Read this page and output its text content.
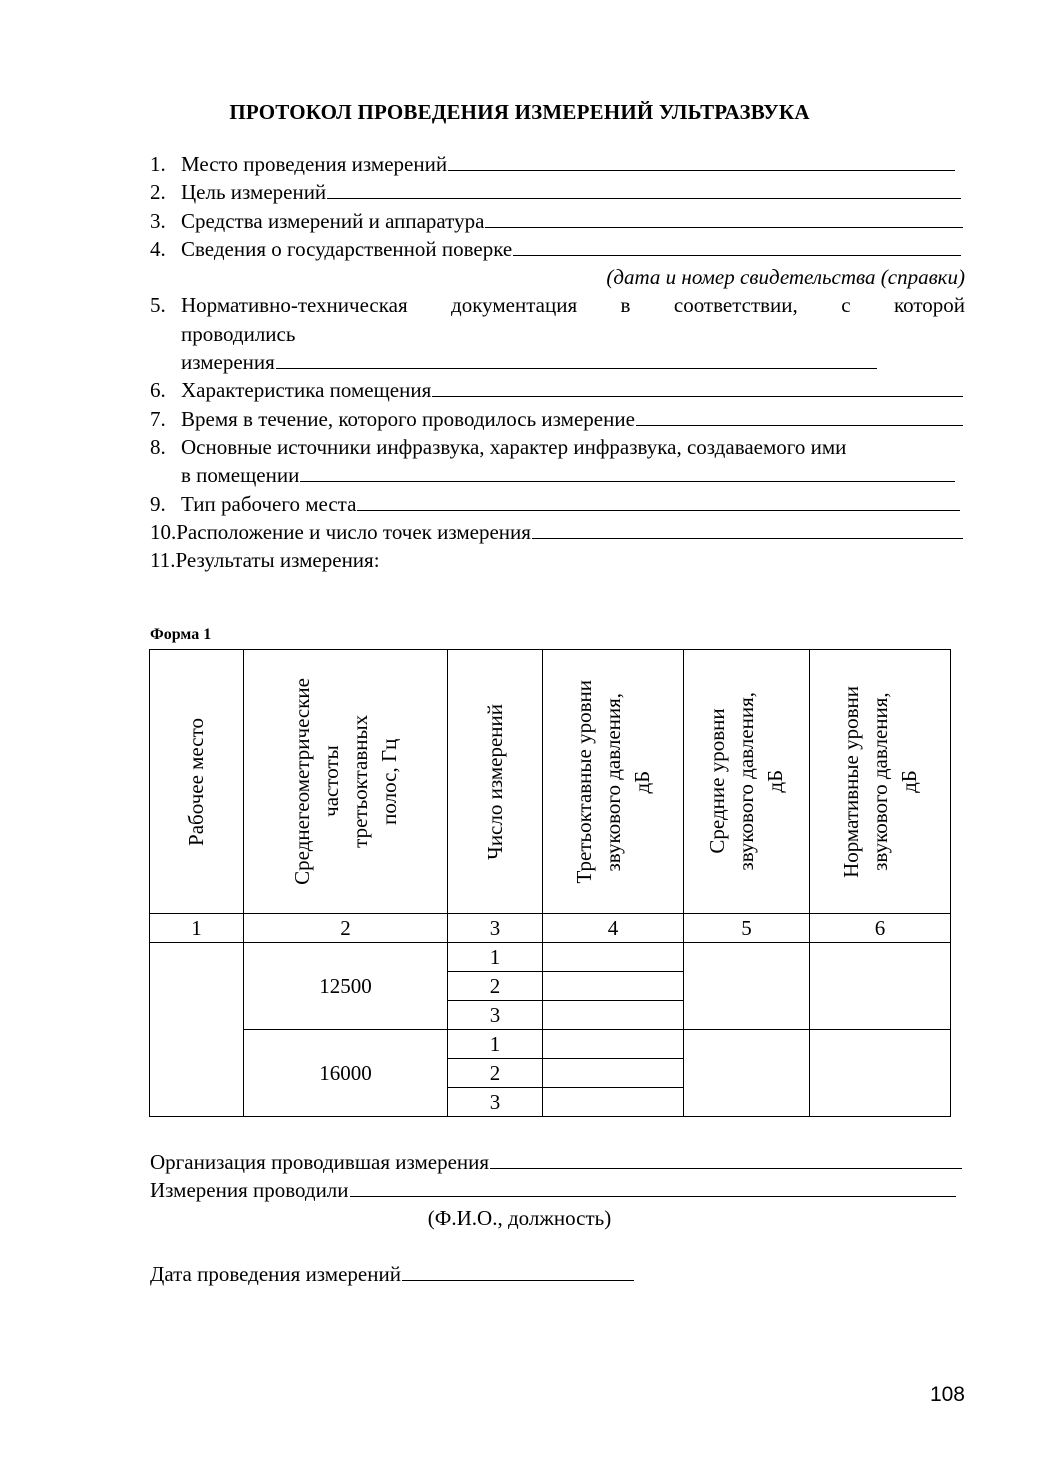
ПРОТОКОЛ ПРОВЕДЕНИЯ ИЗМЕРЕНИЙ УЛЬТРАЗВУКА
1. Место проведения измерений
2. Цель измерений
3. Средства измерений и аппаратура
4. Сведения о государственной поверке
(дата и номер свидетельства (справки)
5. Нормативно-техническая документация в соответствии, с которой
проводились
измерения
6. Характеристика помещения
7. Время в течение, которого проводилось измерение
8. Основные источники инфразвука, характер инфразвука, создаваемого ими
в помещении
9. Тип рабочего места
10. Расположение и число точек измерения
11. Результаты измерения:
Форма 1
Рабочее место	Среднегеометрические частоты третьоктавных полос, Гц	Число измерений	Третьоктавные уровни звукового давления, дБ	Средние уровни звукового давления, дБ	Нормативные уровни звукового давления, дБ

1	2	3	4	5	6
	12500	1			
		2			
		3			
	16000	1			
		2			
		3			
Организация проводившая измерения
Измерения проводили
(Ф.И.О., должность)
Дата проведения измерений
108
